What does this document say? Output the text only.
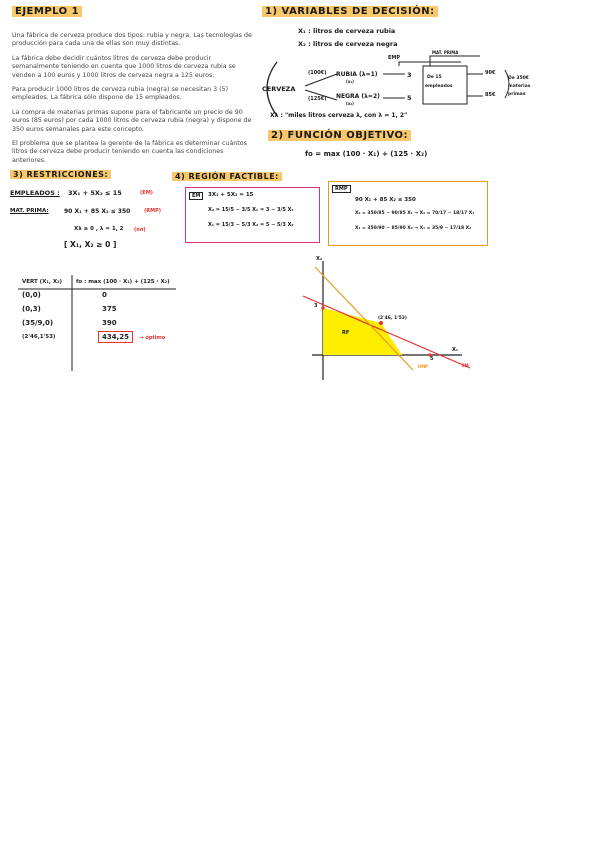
EJEMPLO 1

Una fábrica de cerveza produce dos tipos: rubia y negra. Las tecnologías de producción para cada una de ellas son muy distintas.

La fábrica debe decidir cuántos litros de cerveza debe producir semanalmente teniendo en cuenta que 1000 litros de cerveza rubia se venden a 100 euros y 1000 litros de cerveza negra a 125 euros.

Para producir 1000 litros de cerveza rubia (negra) se necesitan 3 (5) empleados. La fábrica sólo dispone de 15 empleados.

La compra de materias primas supone para el fabricante un precio de 90 euros (85 euros) por cada 1000 litros de cerveza rubia (negra) y dispone de 350 euros semanales para este concepto.

El problema que se plantea la gerente de la fábrica es determinar cuántos litros de cerveza debe producir teniendo en cuenta las condiciones anteriores.

1) VARIABLES DE DECISIÓN:
X₁ : litros de cerveza rubia
X₂ : litros de cerveza negra
CERVEZA
(100€)
(125€)
RUBIA (λ=1)
(x₁)
NEGRA (λ=2)
(x₂)
3
5
EMP
MAT. PRIMA
De 15
empleados
90€
85€
De 350€
materias
primas
Xλ : "miles litros cerveza λ, con λ = 1, 2"
2) FUNCIÓN OBJETIVO:
fo = max (100 · X₁) + (125 · X₂)
3) RESTRICCIONES:
EMPLEADOS : 3X₁ + 5X₂ ≤ 15	(EM)
MAT. PRIMA:	90 X₁ + 85 X₂ ≤ 350	(RMP)
Xλ ≥ 0 , λ = 1, 2 (nn)
[ X₁, X₂ ≥ 0 ]
4) REGIÓN FACTIBLE:
EM	3X₁ + 5X₂ = 15
X₂ = 15/5 − 3/5 X₁ = 3 − 3/5 X₁
X₁ = 15/3 − 5/3 X₂ = 5 − 5/3 X₂
RMP
90 X₁ + 85 X₂ ≤ 350
X₂ = 350/85 − 90/85 X₁ → X₂ = 70/17 − 18/17 X₁
X₁ = 350/90 − 85/90 X₂ → X₁ = 35/9 − 17/18 X₂
VERT (X₁, X₂)	fo : max (100 · X₁) + (125 · X₂)
(0,0)	0
(0,3)	375
(35/9,0)	390
(2'46,1'53)	434,25 → óptimo
X₂
X₁
RF
(2'46, 1'53)
3
5
EM
RMP
